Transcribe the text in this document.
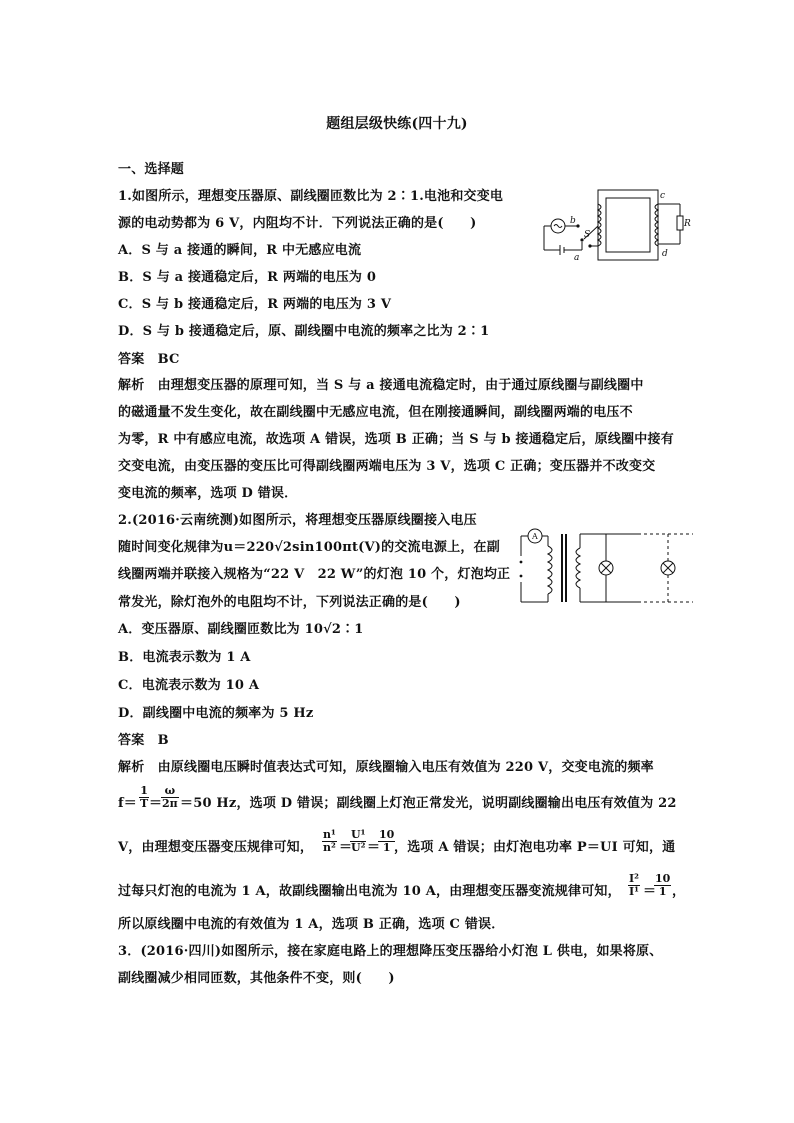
题组层级快练(四十九)
一、选择题
1.如图所示，理想变压器原、副线圈匝数比为 2∶1.电池和交变电
源的电动势都为 6 V，内阻均不计．下列说法正确的是(　　)
A．S 与 a 接通的瞬间，R 中无感应电流
B．S 与 a 接通稳定后，R 两端的电压为 0
C．S 与 b 接通稳定后，R 两端的电压为 3 V
D．S 与 b 接通稳定后，原、副线圈中电流的频率之比为 2∶1
答案　BC
解析　由理想变压器的原理可知，当 S 与 a 接通电流稳定时，由于通过原线圈与副线圈中
的磁通量不发生变化，故在副线圈中无感应电流，但在刚接通瞬间，副线圈两端的电压不
为零，R 中有感应电流，故选项 A 错误，选项 B 正确；当 S 与 b 接通稳定后，原线圈中接有
交变电流，由变压器的变压比可得副线圈两端电压为 3 V，选项 C 正确；变压器并不改变交
变电流的频率，选项 D 错误．
b
S
a
c
R
d
2.(2016·云南统测)如图所示，将理想变压器原线圈接入电压
随时间变化规律为u＝220√2sin100πt(V)的交流电源上，在副
线圈两端并联接入规格为“22 V　22 W”的灯泡 10 个，灯泡均正
常发光，除灯泡外的电阻均不计，下列说法正确的是(　　)
A．变压器原、副线圈匝数比为 10√2∶1
B．电流表示数为 1 A
C．电流表示数为 10 A
D．副线圈中电流的频率为 5 Hz
答案　B
解析　由原线圈电压瞬时值表达式可知，原线圈输入电压有效值为 220 V，交变电流的频率
$f= \frac{1}{T}$ ＝
$\frac{\omega}{2\pi} =50$ Hz，选项 D 错误；副线圈上灯泡正常发光，说明副线圈输出电压有效值为 22
V，由理想变压器变压规律可知， $\frac{\text{n¹}}{\text{n²}}$ ＝
$\frac{\text{U¹}}{\text{U²}}$ ＝
$\frac{10}{1}$
，选项 A 错误；由灯泡电功率 P＝UI 可知，通
过每只灯泡的电流为 1 A，故副线圈输出电流为 10 A，由理想变压器变流规律可知， $\frac{\text{I²}}{\text{I¹}}$ ＝
$\frac{10}{1}$ ，
所以原线圈中电流的有效值为 1 A，选项 B 正确，选项 C 错误．
A
3．(2016·四川)如图所示，接在家庭电路上的理想降压变压器给小灯泡 L 供电，如果将原、
副线圈减少相同匝数，其他条件不变，则(　　)
